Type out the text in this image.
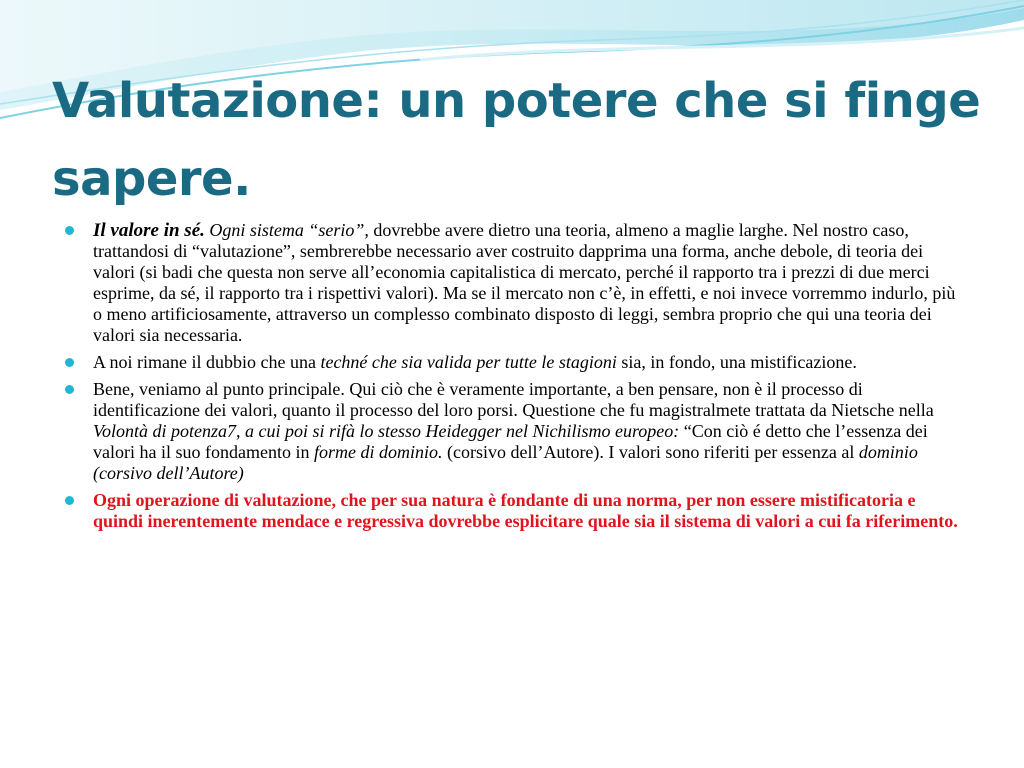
Valutazione: un potere che si finge sapere.
Il valore in sé. Ogni sistema “serio”, dovrebbe avere dietro una teoria, almeno a maglie larghe. Nel nostro caso, trattandosi di “valutazione”, sembrerebbe necessario aver costruito dapprima una forma, anche debole, di teoria dei valori (si badi che questa non serve all’economia capitalistica di mercato, perché il rapporto tra i prezzi di due merci esprime, da sé, il rapporto tra i rispettivi valori). Ma se il mercato non c’è, in effetti, e noi invece vorremmo indurlo, più o meno artificiosamente, attraverso un complesso combinato disposto di leggi, sembra proprio che qui una teoria dei valori sia necessaria.
A noi rimane il dubbio che una techné che sia valida per tutte le stagioni sia, in fondo, una mistificazione.
Bene, veniamo al punto principale. Qui ciò che è veramente importante, a ben pensare, non è il processo di identificazione dei valori, quanto il processo del loro porsi. Questione che fu magistralmete trattata da Nietsche nella Volontà di potenza7, a cui poi si rifà lo stesso Heidegger nel Nichilismo europeo: “Con ciò é detto che l’essenza dei valori ha il suo fondamento in forme di dominio. (corsivo dell’Autore). I valori sono riferiti per essenza al dominio (corsivo dell’Autore)
Ogni operazione di valutazione, che per sua natura è fondante di una norma, per non essere mistificatoria e quindi inerentemente mendace e regressiva dovrebbe esplicitare quale sia il sistema di valori a cui fa riferimento.
